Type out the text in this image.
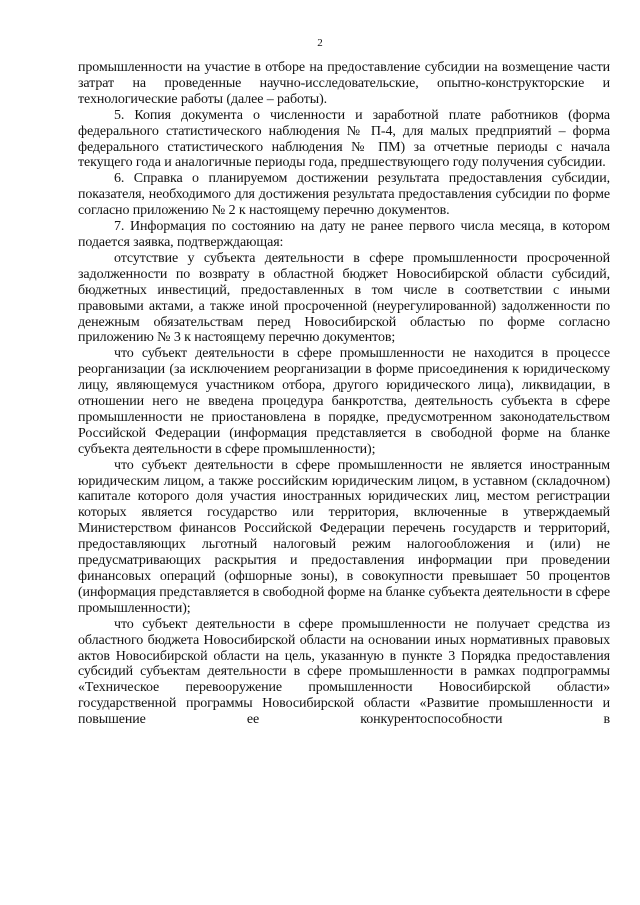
2

промышленности на участие в отборе на предоставление субсидии на возмещение части затрат на проведенные научно-исследовательские, опытно-конструкторские и технологические работы (далее – работы).

5. Копия документа о численности и заработной плате работников (форма федерального статистического наблюдения № П-4, для малых предприятий – форма федерального статистического наблюдения № ПМ) за отчетные периоды с начала текущего года и аналогичные периоды года, предшествующего году получения субсидии.

6. Справка о планируемом достижении результата предоставления субсидии, показателя, необходимого для достижения результата предоставления субсидии по форме согласно приложению № 2 к настоящему перечню документов.

7. Информация по состоянию на дату не ранее первого числа месяца, в котором подается заявка, подтверждающая:

отсутствие у субъекта деятельности в сфере промышленности просроченной задолженности по возврату в областной бюджет Новосибирской области субсидий, бюджетных инвестиций, предоставленных в том числе в соответствии с иными правовыми актами, а также иной просроченной (неурегулированной) задолженности по денежным обязательствам перед Новосибирской областью по форме согласно приложению № 3 к настоящему перечню документов;

что субъект деятельности в сфере промышленности не находится в процессе реорганизации (за исключением реорганизации в форме присоединения к юридическому лицу, являющемуся участником отбора, другого юридического лица), ликвидации, в отношении него не введена процедура банкротства, деятельность субъекта в сфере промышленности не приостановлена в порядке, предусмотренном законодательством Российской Федерации (информация представляется в свободной форме на бланке субъекта деятельности в сфере промышленности);

что субъект деятельности в сфере промышленности не является иностранным юридическим лицом, а также российским юридическим лицом, в уставном (складочном) капитале которого доля участия иностранных юридических лиц, местом регистрации которых является государство или территория, включенные в утверждаемый Министерством финансов Российской Федерации перечень государств и территорий, предоставляющих льготный налоговый режим налогообложения и (или) не предусматривающих раскрытия и предоставления информации при проведении финансовых операций (офшорные зоны), в совокупности превышает 50 процентов (информация представляется в свободной форме на бланке субъекта деятельности в сфере промышленности);

что субъект деятельности в сфере промышленности не получает средства из областного бюджета Новосибирской области на основании иных нормативных правовых актов Новосибирской области на цель, указанную в пункте 3 Порядка предоставления субсидий субъектам деятельности в сфере промышленности в рамках подпрограммы «Техническое перевооружение промышленности Новосибирской области» государственной программы Новосибирской области «Развитие промышленности и повышение ее конкурентоспособности в
